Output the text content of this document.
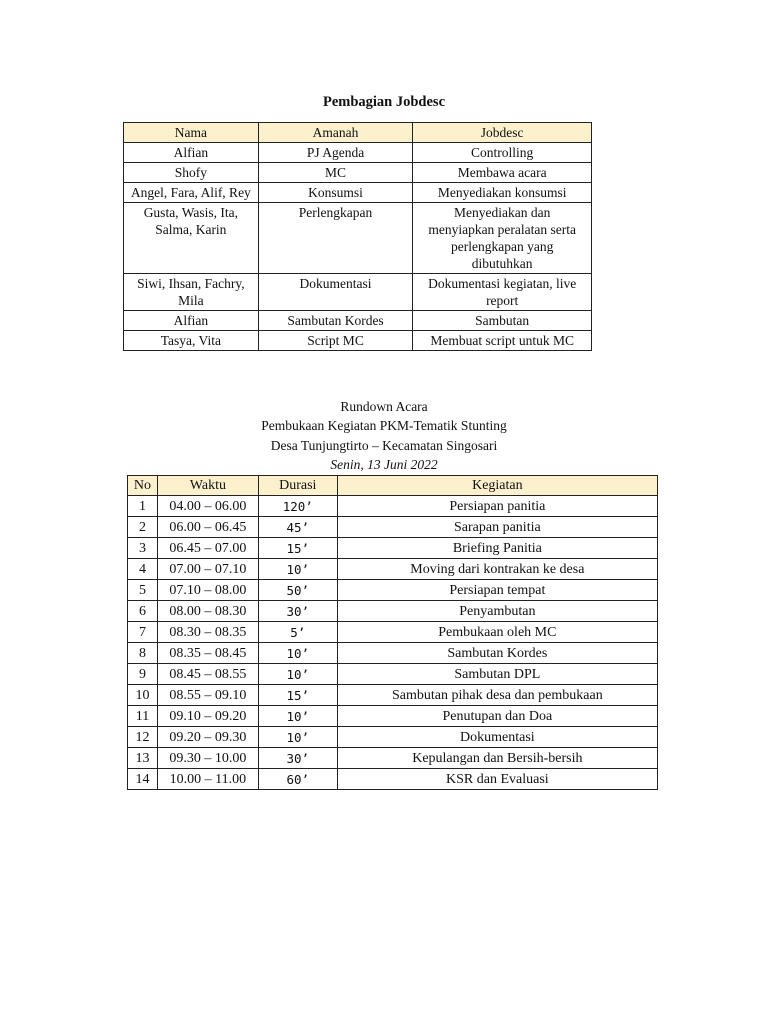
Pembagian Jobdesc
Nama	Amanah	Jobdesc
Alfian	PJ Agenda	Controlling
Shofy	MC	Membawa acara
Angel, Fara, Alif, Rey	Konsumsi	Menyediakan konsumsi
Gusta, Wasis, Ita, Salma, Karin	Perlengkapan	Menyediakan dan menyiapkan peralatan serta perlengkapan yang dibutuhkan
Siwi, Ihsan, Fachry, Mila	Dokumentasi	Dokumentasi kegiatan, live report
Alfian	Sambutan Kordes	Sambutan
Tasya, Vita	Script MC	Membuat script untuk MC
Rundown Acara
Pembukaan Kegiatan PKM-Tematik Stunting
Desa Tunjungtirto – Kecamatan Singosari
Senin, 13 Juni 2022
No	Waktu	Durasi	Kegiatan
1	04.00 – 06.00	120’	Persiapan panitia
2	06.00 – 06.45	45’	Sarapan panitia
3	06.45 – 07.00	15’	Briefing Panitia
4	07.00 – 07.10	10’	Moving dari kontrakan ke desa
5	07.10 – 08.00	50’	Persiapan tempat
6	08.00 – 08.30	30’	Penyambutan
7	08.30 – 08.35	5’	Pembukaan oleh MC
8	08.35 – 08.45	10’	Sambutan Kordes
9	08.45 – 08.55	10’	Sambutan DPL
10	08.55 – 09.10	15’	Sambutan pihak desa dan pembukaan
11	09.10 – 09.20	10’	Penutupan dan Doa
12	09.20 – 09.30	10’	Dokumentasi
13	09.30 – 10.00	30’	Kepulangan dan Bersih-bersih
14	10.00 – 11.00	60’	KSR dan Evaluasi
